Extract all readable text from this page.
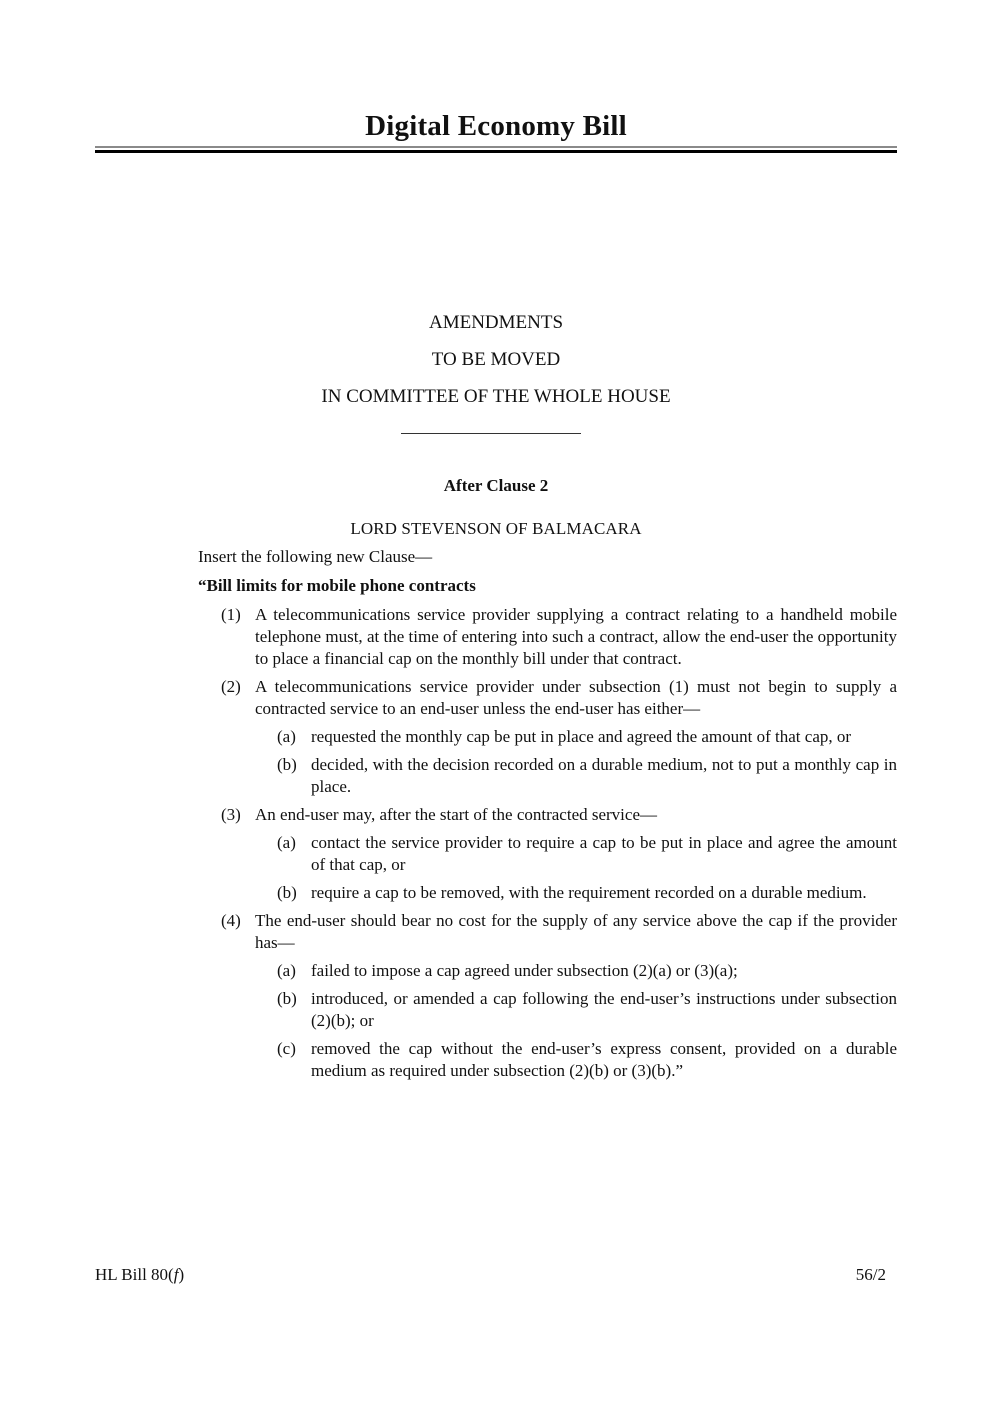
Digital Economy Bill
AMENDMENTS
TO BE MOVED
IN COMMITTEE OF THE WHOLE HOUSE
After Clause 2
LORD STEVENSON OF BALMACARA
Insert the following new Clause—
“Bill limits for mobile phone contracts
(1) A telecommunications service provider supplying a contract relating to a handheld mobile telephone must, at the time of entering into such a contract, allow the end-user the opportunity to place a financial cap on the monthly bill under that contract.
(2) A telecommunications service provider under subsection (1) must not begin to supply a contracted service to an end-user unless the end-user has either—
(a) requested the monthly cap be put in place and agreed the amount of that cap, or
(b) decided, with the decision recorded on a durable medium, not to put a monthly cap in place.
(3) An end-user may, after the start of the contracted service—
(a) contact the service provider to require a cap to be put in place and agree the amount of that cap, or
(b) require a cap to be removed, with the requirement recorded on a durable medium.
(4) The end-user should bear no cost for the supply of any service above the cap if the provider has—
(a) failed to impose a cap agreed under subsection (2)(a) or (3)(a);
(b) introduced, or amended a cap following the end-user’s instructions under subsection (2)(b); or
(c) removed the cap without the end-user’s express consent, provided on a durable medium as required under subsection (2)(b) or (3)(b).”
HL Bill 80(f)	56/2
